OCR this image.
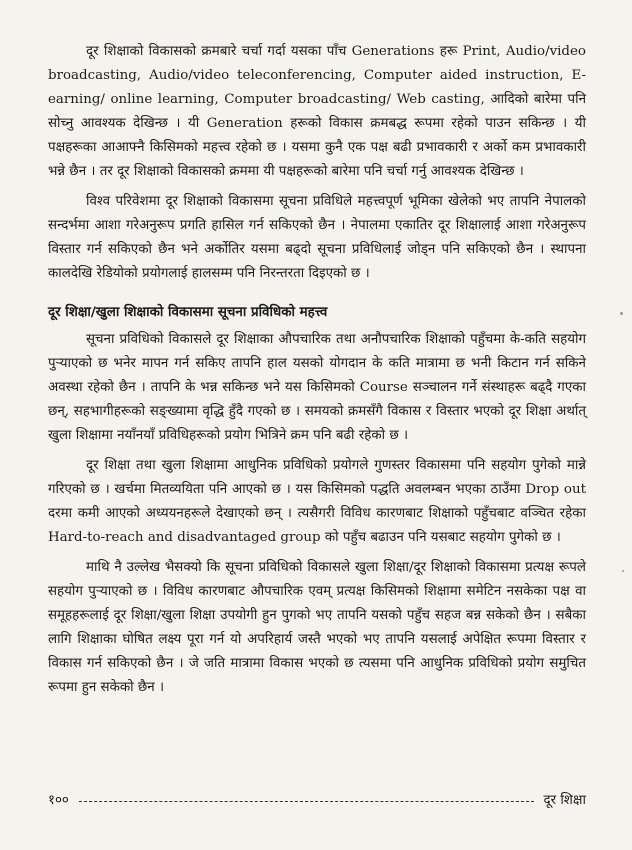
दूर शिक्षाको विकासको क्रमबारे चर्चा गर्दा यसका पाँच Generations हरू Print, Audio/video broadcasting, Audio/video teleconferencing, Computer aided instruction, E-earning/ online learning, Computer broadcasting/ Web casting, आदिको बारेमा पनि सोच्नु आवश्यक देखिन्छ । यी Generation हरूको विकास क्रमबद्ध रूपमा रहेको पाउन सकिन्छ । यी पक्षहरूका आआफ्नै किसिमको महत्त्व रहेको छ । यसमा कुनै एक पक्ष बढी प्रभावकारी र अर्को कम प्रभावकारी भन्ने छैन । तर दूर शिक्षाको विकासको क्रममा यी पक्षहरूको बारेमा पनि चर्चा गर्नु आवश्यक देखिन्छ ।

विश्व परिवेशमा दूर शिक्षाको विकासमा सूचना प्रविधिले महत्त्वपूर्ण भूमिका खेलेको भए तापनि नेपालको सन्दर्भमा आशा गरेअनुरूप प्रगति हासिल गर्न सकिएको छैन । नेपालमा एकातिर दूर शिक्षालाई आशा गरेअनुरूप विस्तार गर्न सकिएको छैन भने अर्कोतिर यसमा बढ्दो सूचना प्रविधिलाई जोड्न पनि सकिएको छैन । स्थापना कालदेखि रेडियोको प्रयोगलाई हालसम्म पनि निरन्तरता दिइएको छ ।

दूर शिक्षा/खुला शिक्षाको विकासमा सूचना प्रविधिको महत्त्व

सूचना प्रविधिको विकासले दूर शिक्षाका औपचारिक तथा अनौपचारिक शिक्षाको पहुँचमा के-कति सहयोग पुऱ्याएको छ भनेर मापन गर्न सकिए तापनि हाल यसको योगदान के कति मात्रामा छ भनी किटान गर्न सकिने अवस्था रहेको छैन । तापनि के भन्न सकिन्छ भने यस किसिमको Course सञ्चालन गर्ने संस्थाहरू बढ्दै गएका छन्, सहभागीहरूको सङ्ख्यामा वृद्धि हुँदै गएको छ । समयको क्रमसँगै विकास र विस्तार भएको दूर शिक्षा अर्थात् खुला शिक्षामा नयाँनयाँ प्रविधिहरूको प्रयोग भित्रिने क्रम पनि बढी रहेको छ ।

दूर शिक्षा तथा खुला शिक्षामा आधुनिक प्रविधिको प्रयोगले गुणस्तर विकासमा पनि सहयोग पुगेको मान्ने गरिएको छ । खर्चमा मितव्ययिता पनि आएको छ । यस किसिमको पद्धति अवलम्बन भएका ठाउँमा Drop out दरमा कमी आएको अध्ययनहरूले देखाएको छन् । त्यसैगरी विविध कारणबाट शिक्षाको पहुँचबाट वञ्चित रहेका Hard-to-reach and disadvantaged group को पहुँच बढाउन पनि यसबाट सहयोग पुगेको छ ।

माथि नै उल्लेख भैसक्यो कि सूचना प्रविधिको विकासले खुला शिक्षा/दूर शिक्षाको विकासमा प्रत्यक्ष रूपले सहयोग पुऱ्याएको छ । विविध कारणबाट औपचारिक एवम् प्रत्यक्ष किसिमको शिक्षामा समेटिन नसकेका पक्ष वा समूहहरूलाई दूर शिक्षा/खुला शिक्षा उपयोगी हुन पुगको भए तापनि यसको पहुँच सहज बन्न सकेको छैन । सबैका लागि शिक्षाका घोषित लक्ष्य पूरा गर्न यो अपरिहार्य जस्तै भएको भए तापनि यसलाई अपेक्षित रूपमा विस्तार र विकास गर्न सकिएको छैन । जे जति मात्रामा विकास भएको छ त्यसमा पनि आधुनिक प्रविधिको प्रयोग समुचित रूपमा हुन सकेको छैन ।

१००	दूर शिक्षा
